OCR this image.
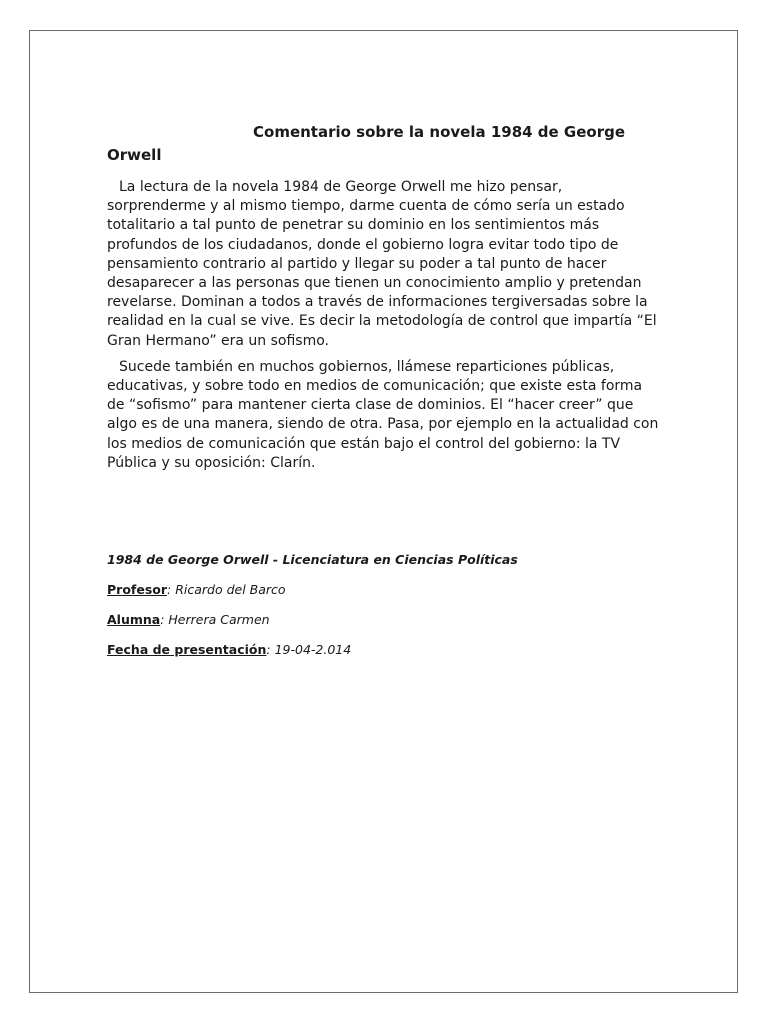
Comentario sobre la novela 1984 de George
Orwell

La lectura de la novela 1984 de George Orwell me hizo pensar, sorprenderme y al mismo tiempo, darme cuenta de cómo sería un estado totalitario a tal punto de penetrar su dominio en los sentimientos más profundos de los ciudadanos, donde el gobierno logra evitar todo tipo de pensamiento contrario al partido y llegar su poder a tal punto de hacer desaparecer a las personas que tienen un conocimiento amplio y pretendan revelarse. Dominan a todos a través de informaciones tergiversadas sobre la realidad en la cual se vive. Es decir la metodología de control que impartía “El Gran Hermano” era un sofismo.

Sucede también en muchos gobiernos, llámese reparticiones públicas, educativas, y sobre todo en medios de comunicación; que existe esta forma de “sofismo” para mantener cierta clase de dominios. El “hacer creer” que algo es de una manera, siendo de otra. Pasa, por ejemplo en la actualidad con los medios de comunicación que están bajo el control del gobierno: la TV Pública y su oposición: Clarín.

1984 de George Orwell - Licenciatura en Ciencias Políticas

Profesor: Ricardo del Barco

Alumna: Herrera Carmen

Fecha de presentación: 19-04-2.014
